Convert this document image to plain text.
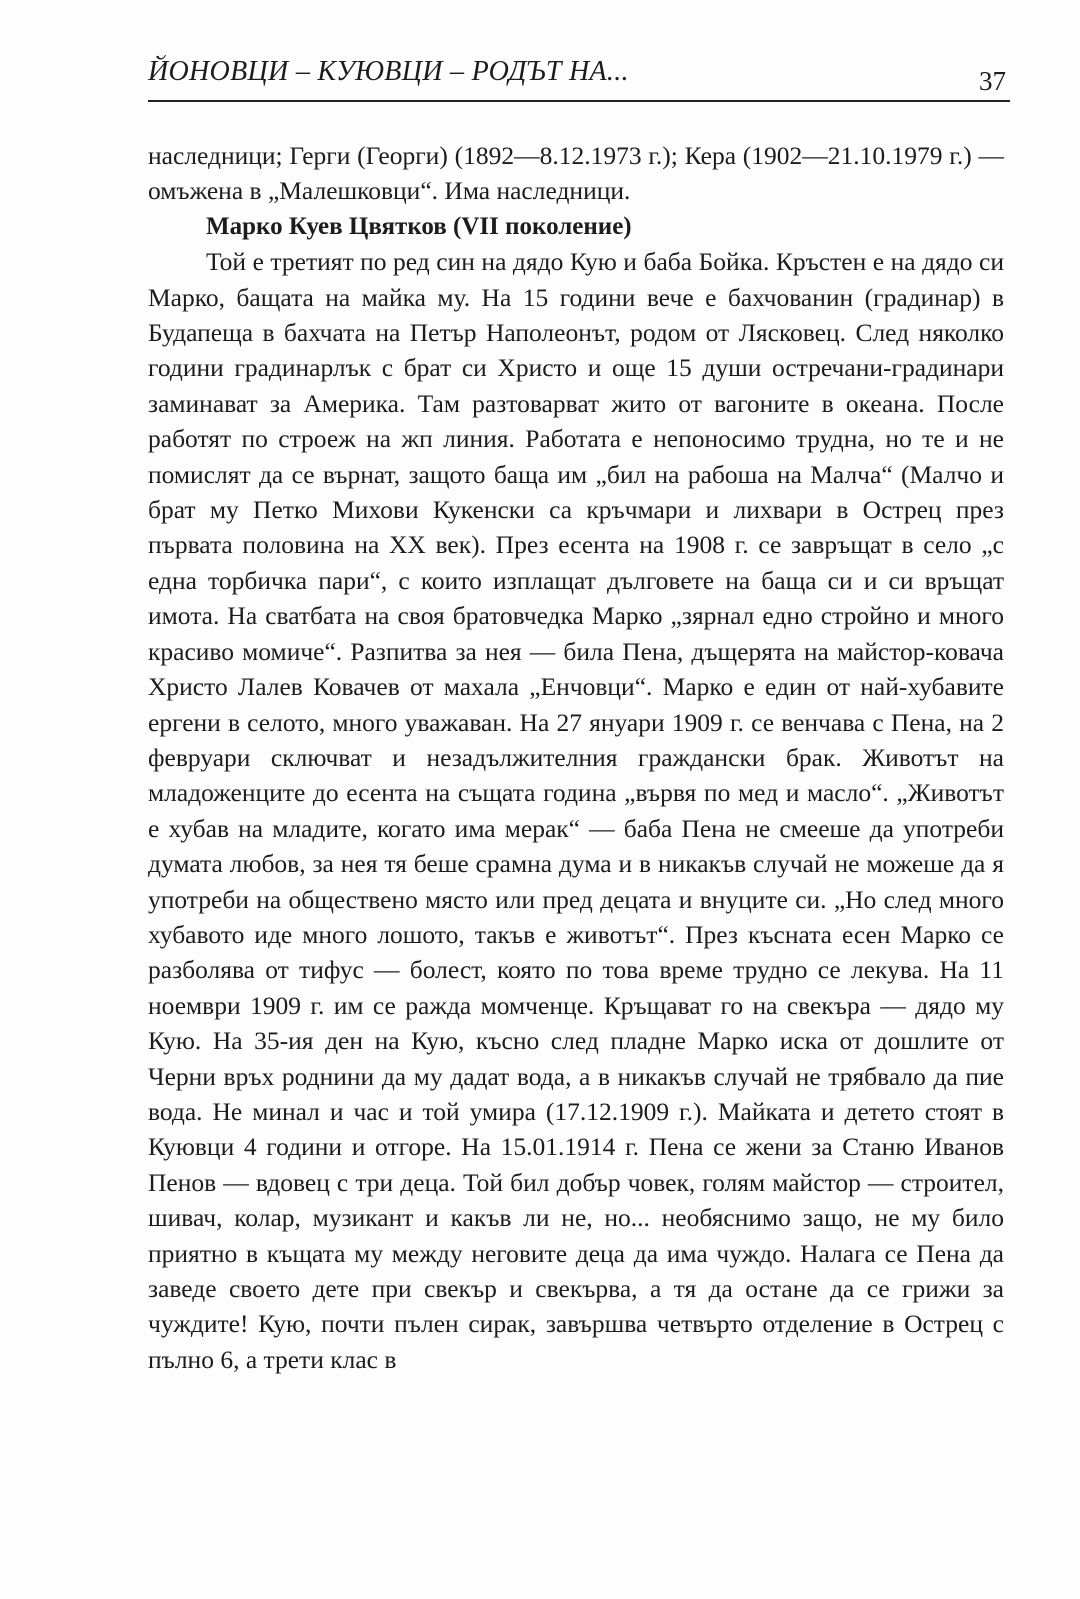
ЙОНОВЦИ – КУЮВЦИ – РОДЪТ НА...	37

наследници; Герги (Георги) (1892—8.12.1973 г.); Кера (1902—21.10.1979 г.) — омъжена в „Малешковци“. Има наследници.

Марко Куев Цвятков (VII поколение)

Той е третият по ред син на дядо Кую и баба Бойка. Кръстен е на дядо си Марко, бащата на майка му. На 15 години вече е бахчованин (градинар) в Будапеща в бахчата на Петър Наполеонът, родом от Лясковец. След няколко години градинарлък с брат си Христо и още 15 души остречани-градинари заминават за Америка. Там разтоварват жито от вагоните в океана. После работят по строеж на жп линия. Работата е непоносимо трудна, но те и не помислят да се върнат, защото баща им „бил на рабоша на Малча“ (Малчо и брат му Петко Михови Кукенски са кръчмари и лихвари в Острец през първата половина на XX век). През есента на 1908 г. се завръщат в село „с една торбичка пари“, с които изплащат дълговете на баща си и си връщат имота. На сватбата на своя братовчедка Марко „зярнал едно стройно и много красиво момиче“. Разпитва за нея — била Пена, дъщерята на майстор-ковача Христо Лалев Ковачев от махала „Енчовци“. Марко е един от най-хубавите ергени в селото, много уважаван. На 27 януари 1909 г. се венчава с Пена, на 2 февруари сключват и незадължителния граждански брак. Животът на младоженците до есента на същата година „вървя по мед и масло“. „Животът е хубав на младите, когато има мерак“ — баба Пена не смееше да употреби думата любов, за нея тя беше срамна дума и в никакъв случай не можеше да я употреби на обществено място или пред децата и внуците си. „Но след много хубавото иде много лошото, такъв е животът“. През късната есен Марко се разболява от тифус — болест, която по това време трудно се лекува. На 11 ноември 1909 г. им се ражда момченце. Кръщават го на свекъра — дядо му Кую. На 35-ия ден на Кую, късно след пладне Марко иска от дошлите от Черни връх роднини да му дадат вода, а в никакъв случай не трябвало да пие вода. Не минал и час и той умира (17.12.1909 г.). Майката и детето стоят в Куювци 4 години и отгоре. На 15.01.1914 г. Пена се жени за Станю Иванов Пенов — вдовец с три деца. Той бил добър човек, голям майстор — строител, шивач, колар, музикант и какъв ли не, но... необяснимо защо, не му било приятно в къщата му между неговите деца да има чуждо. Налага се Пена да заведе своето дете при свекър и свекърва, а тя да остане да се грижи за чуждите! Кую, почти пълен сирак, завършва четвърто отделение в Острец с пълно 6, а трети клас в
